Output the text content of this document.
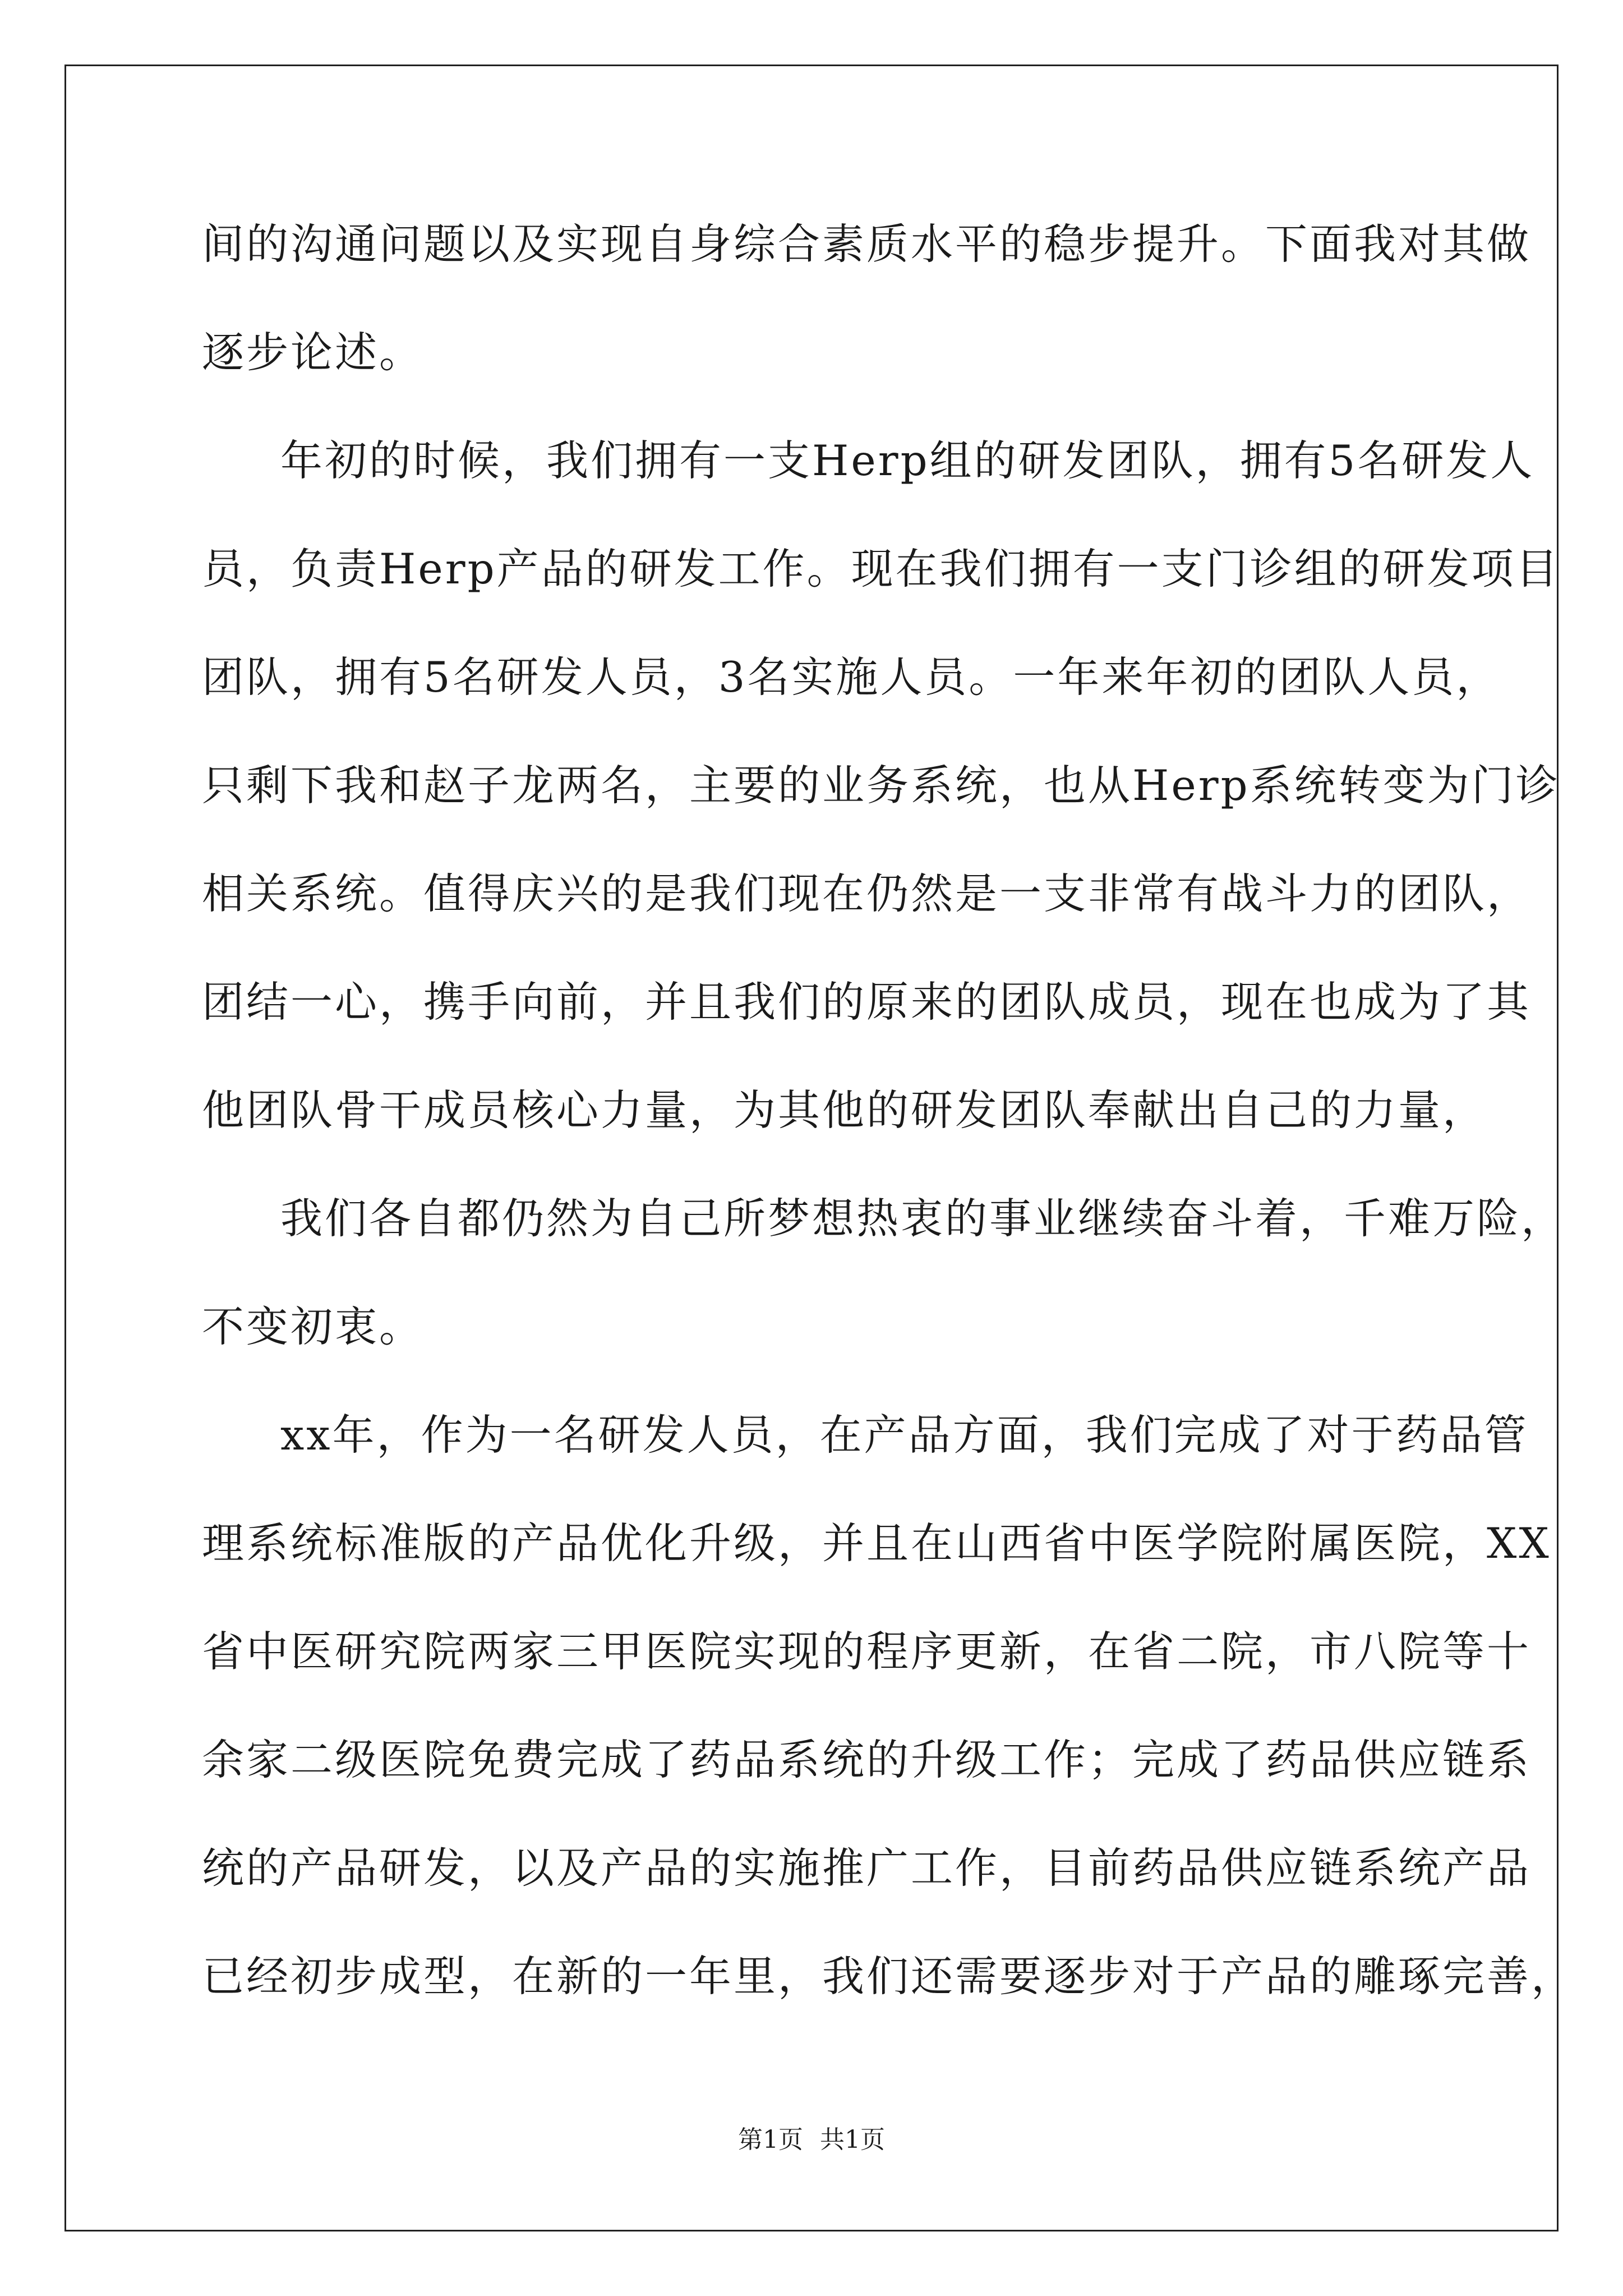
间的沟通问题以及实现自身综合素质水平的稳步提升。下面我对其做
逐步论述。
年初的时候，我们拥有一支Herp组的研发团队，拥有5名研发人
员，负责Herp产品的研发工作。现在我们拥有一支门诊组的研发项目
团队，拥有5名研发人员，3名实施人员。一年来年初的团队人员，
只剩下我和赵子龙两名，主要的业务系统，也从Herp系统转变为门诊
相关系统。值得庆兴的是我们现在仍然是一支非常有战斗力的团队，
团结一心，携手向前，并且我们的原来的团队成员，现在也成为了其
他团队骨干成员核心力量，为其他的研发团队奉献出自己的力量，
我们各自都仍然为自己所梦想热衷的事业继续奋斗着，千难万险，
不变初衷。
xx年，作为一名研发人员，在产品方面，我们完成了对于药品管
理系统标准版的产品优化升级，并且在山西省中医学院附属医院，XX
省中医研究院两家三甲医院实现的程序更新，在省二院，市八院等十
余家二级医院免费完成了药品系统的升级工作；完成了药品供应链系
统的产品研发，以及产品的实施推广工作，目前药品供应链系统产品
已经初步成型，在新的一年里，我们还需要逐步对于产品的雕琢完善，
第1页 共1页
